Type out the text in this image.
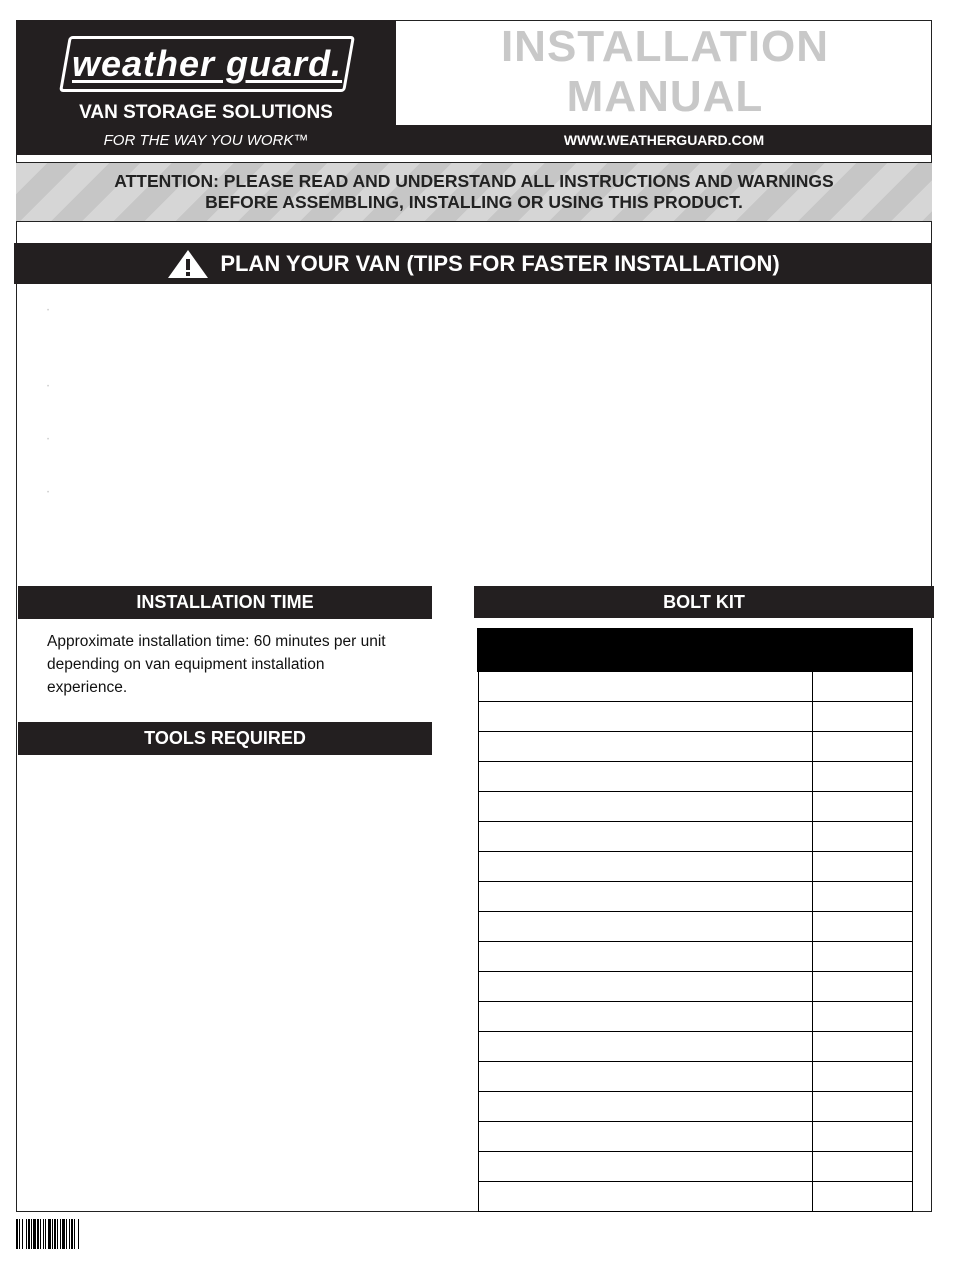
weather guard.
VAN STORAGE SOLUTIONS
FOR THE WAY YOU WORK™
INSTALLATION MANUAL
WWW.WEATHERGUARD.COM
ATTENTION: PLEASE READ AND UNDERSTAND ALL INSTRUCTIONS AND WARNINGS
BEFORE ASSEMBLING, INSTALLING OR USING THIS PRODUCT.
PLAN YOUR VAN (TIPS FOR FASTER INSTALLATION)
•
•
•
•
INSTALLATION TIME
Approximate installation time: 60 minutes per unit depending on van equipment installation experience.
TOOLS REQUIRED
BOLT KIT
